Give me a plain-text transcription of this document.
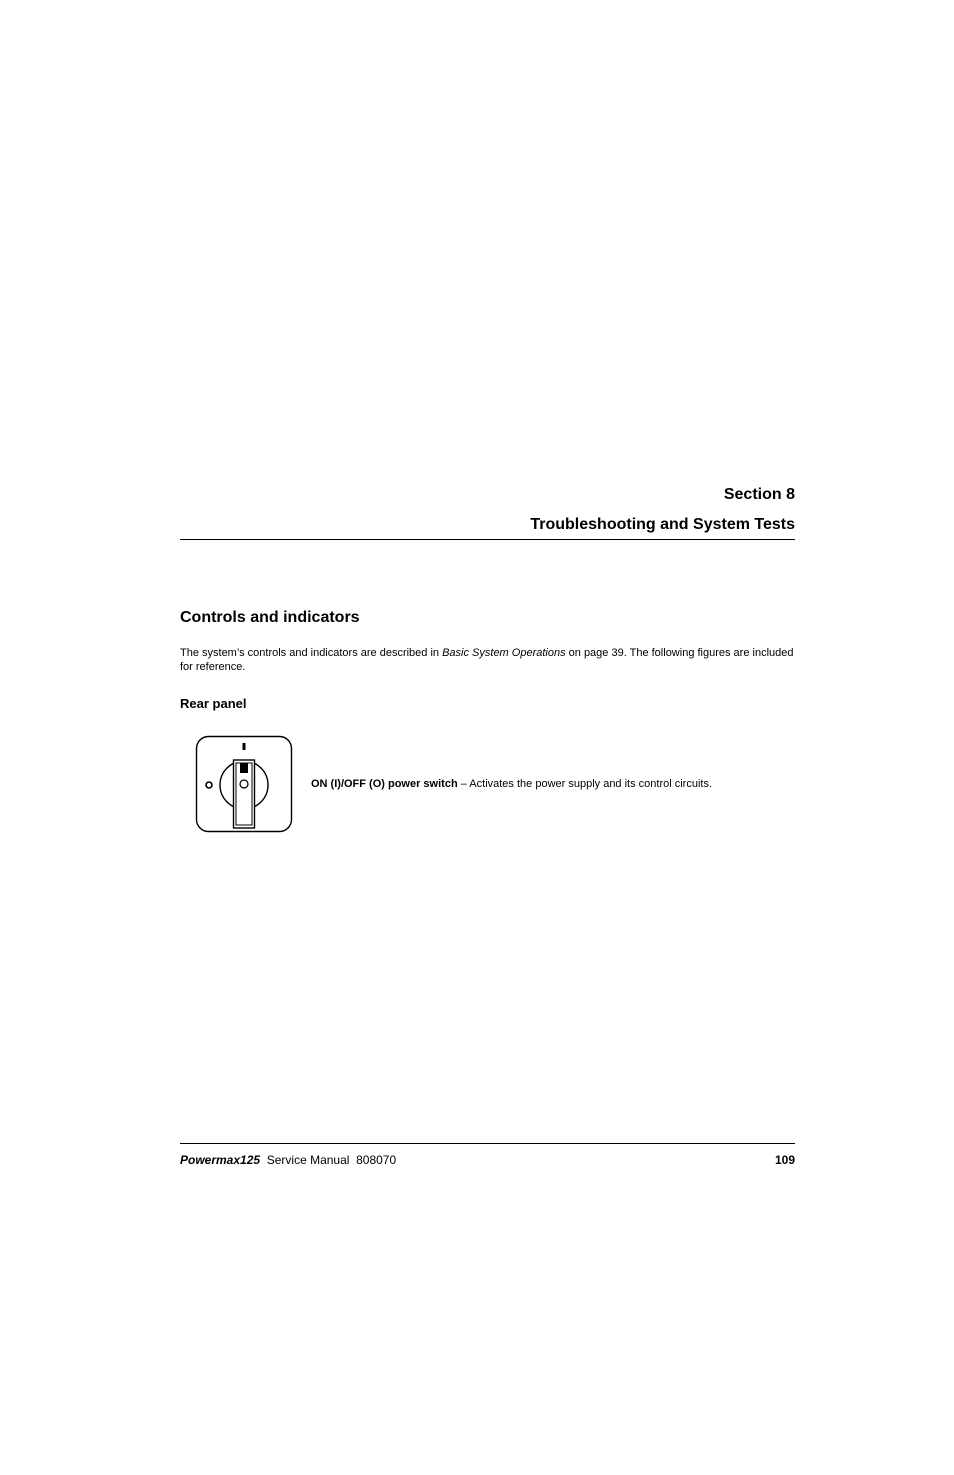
Section 8
Troubleshooting and System Tests
Controls and indicators

The system’s controls and indicators are described in Basic System Operations on page 39. The following figures are included for reference.

Rear panel

ON (I)/OFF (O) power switch – Activates the power supply and its control circuits.

Powermax125 Service Manual  808070	109
